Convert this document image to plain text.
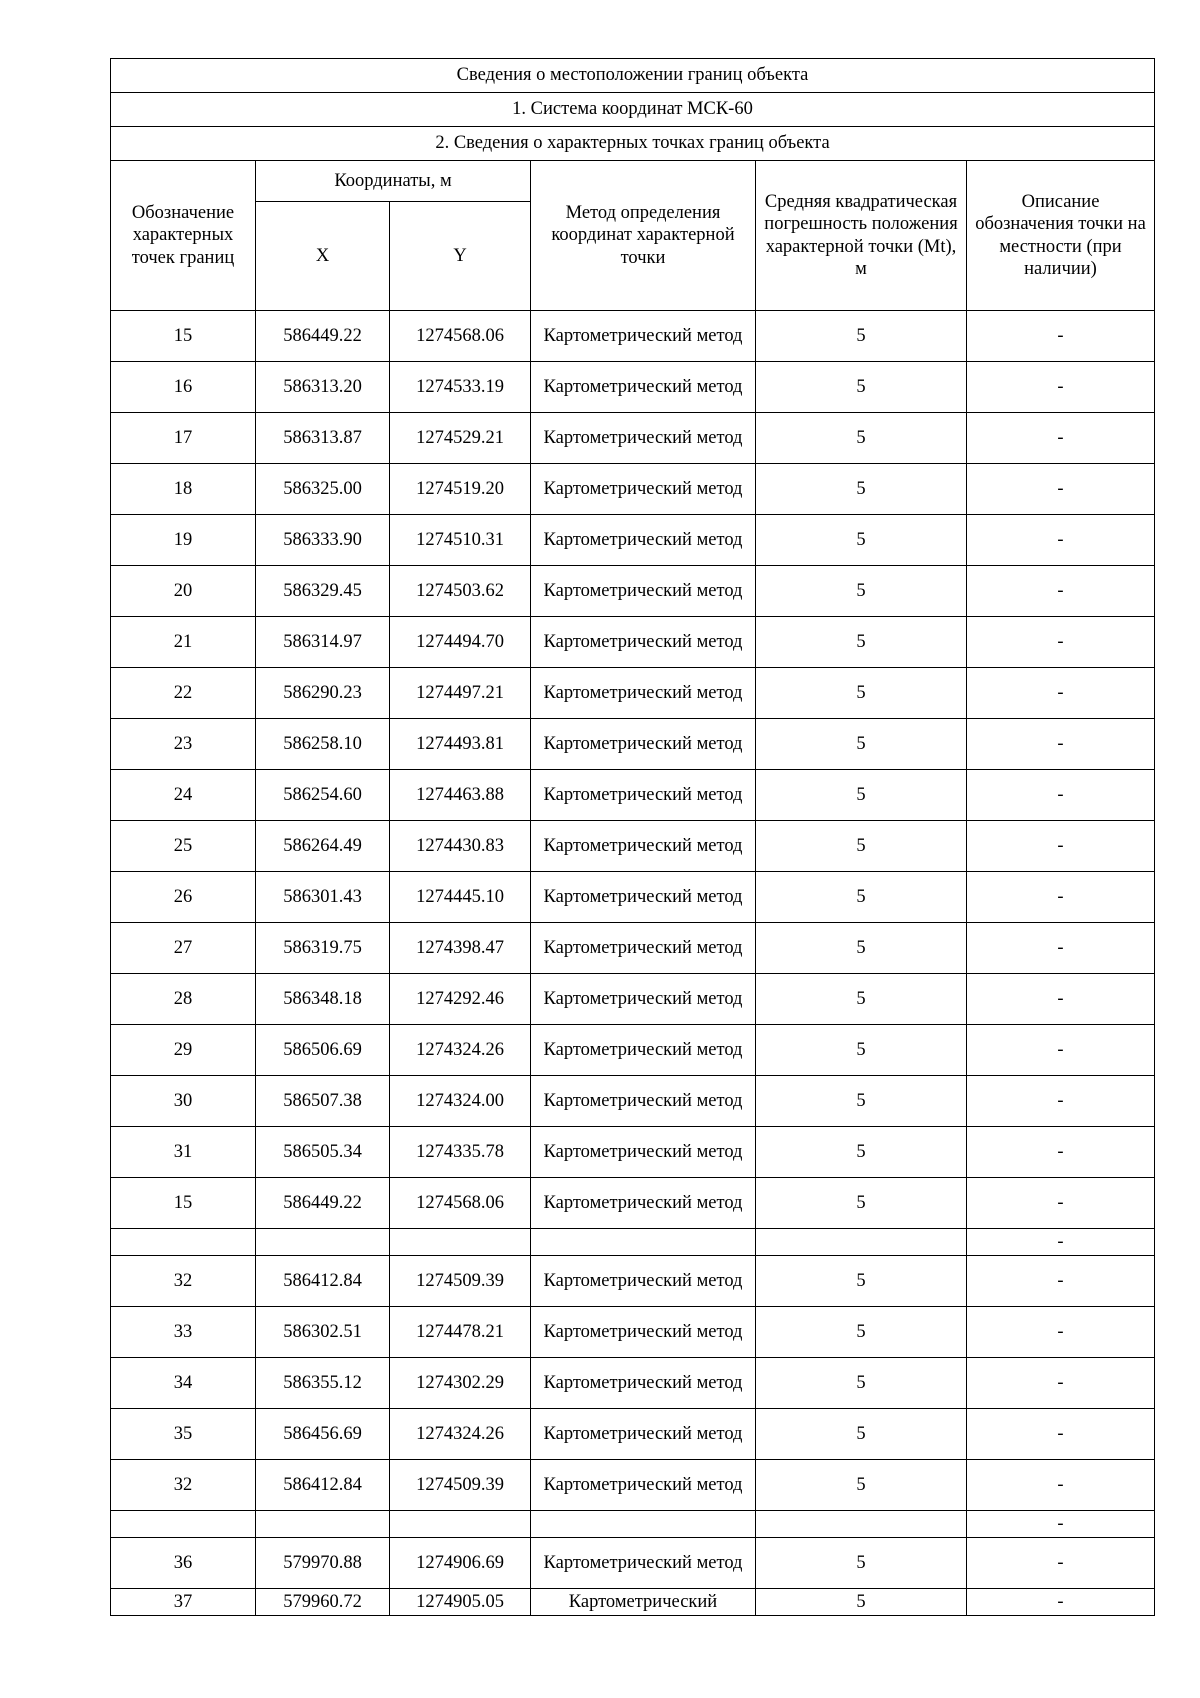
Сведения о местоположении границ объекта					
1. Система координат МСК-60					
2. Сведения о характерных точках границ объекта					
Обозначение характерных точек границ	Координаты, м		Метод определения координат характерной точки	Средняя квадратическая погрешность положения характерной точки (Mt), м	Описание обозначения точки на местности (при наличии)
	X	Y			
15	586449.22	1274568.06	Картометрический метод	5	-
16	586313.20	1274533.19	Картометрический метод	5	-
17	586313.87	1274529.21	Картометрический метод	5	-
18	586325.00	1274519.20	Картометрический метод	5	-
19	586333.90	1274510.31	Картометрический метод	5	-
20	586329.45	1274503.62	Картометрический метод	5	-
21	586314.97	1274494.70	Картометрический метод	5	-
22	586290.23	1274497.21	Картометрический метод	5	-
23	586258.10	1274493.81	Картометрический метод	5	-
24	586254.60	1274463.88	Картометрический метод	5	-
25	586264.49	1274430.83	Картометрический метод	5	-
26	586301.43	1274445.10	Картометрический метод	5	-
27	586319.75	1274398.47	Картометрический метод	5	-
28	586348.18	1274292.46	Картометрический метод	5	-
29	586506.69	1274324.26	Картометрический метод	5	-
30	586507.38	1274324.00	Картометрический метод	5	-
31	586505.34	1274335.78	Картометрический метод	5	-
15	586449.22	1274568.06	Картометрический метод	5	-
					-
32	586412.84	1274509.39	Картометрический метод	5	-
33	586302.51	1274478.21	Картометрический метод	5	-
34	586355.12	1274302.29	Картометрический метод	5	-
35	586456.69	1274324.26	Картометрический метод	5	-
32	586412.84	1274509.39	Картометрический метод	5	-
					-
36	579970.88	1274906.69	Картометрический метод	5	-
37	579960.72	1274905.05	Картометрический	5	-
